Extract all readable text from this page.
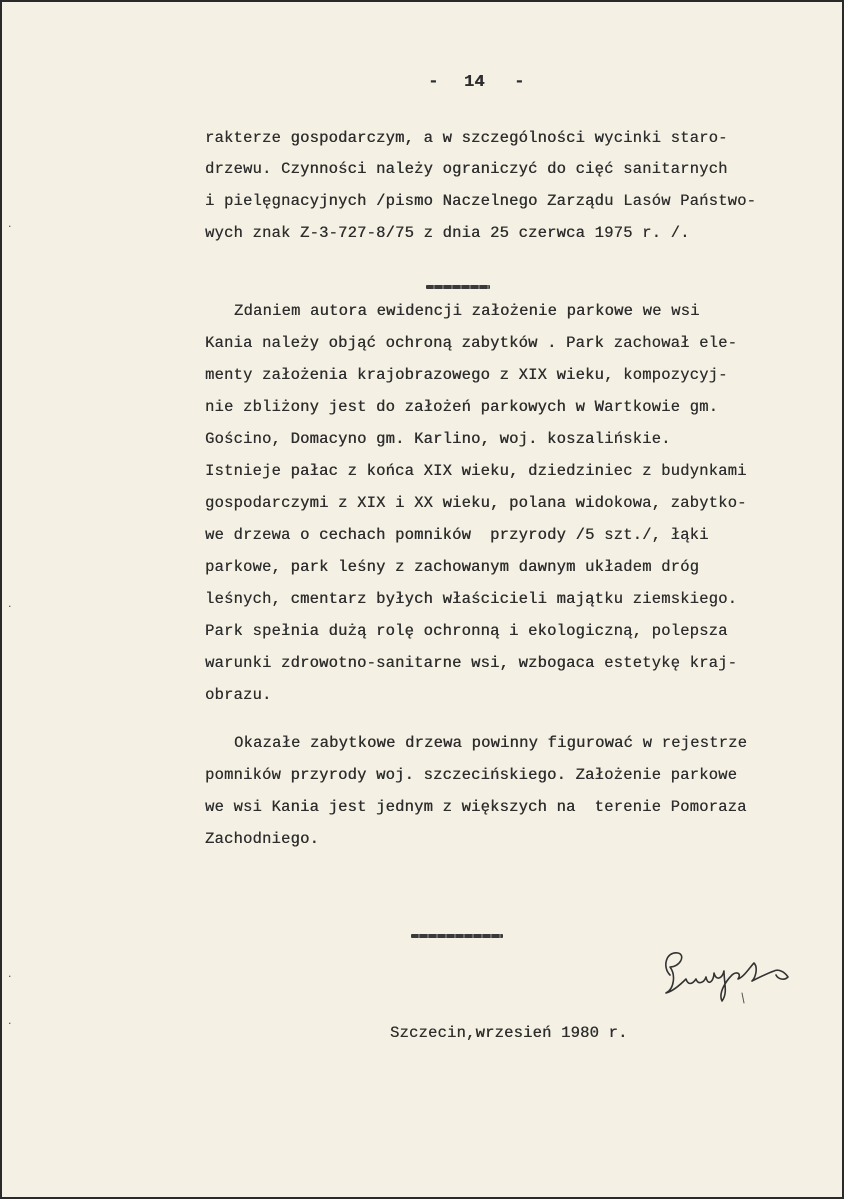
- 14 -
rakterze gospodarczym, a w szczególności wycinki staro-
drzewu. Czynności należy ograniczyć do cięć sanitarnych
i pielęgnacyjnych /pismo Naczelnego Zarządu Lasów Państwo-
wych znak Z-3-727-8/75 z dnia 25 czerwca 1975 r. /.
Zdaniem autora ewidencji założenie parkowe we wsi
Kania należy objąć ochroną zabytków . Park zachował ele-
menty założenia krajobrazowego z XIX wieku, kompozycyj-
nie zbliżony jest do założeń parkowych w Wartkowie gm.
Gościno, Domacyno gm. Karlino, woj. koszalińskie.
Istnieje pałac z końca XIX wieku, dziedziniec z budynkami
gospodarczymi z XIX i XX wieku, polana widokowa, zabytko-
we drzewa o cechach pomników  przyrody /5 szt./, łąki
parkowe, park leśny z zachowanym dawnym układem dróg
leśnych, cmentarz byłych właścicieli majątku ziemskiego.
Park spełnia dużą rolę ochronną i ekologiczną, polepsza
warunki zdrowotno-sanitarne wsi, wzbogaca estetykę kraj-
obrazu.
Okazałe zabytkowe drzewa powinny figurować w rejestrze
pomników przyrody woj. szczecińskiego. Założenie parkowe
we wsi Kania jest jednym z większych na  terenie Pomoraza
Zachodniego.
Szczecin,wrzesień 1980 r.
·
·
·
·
